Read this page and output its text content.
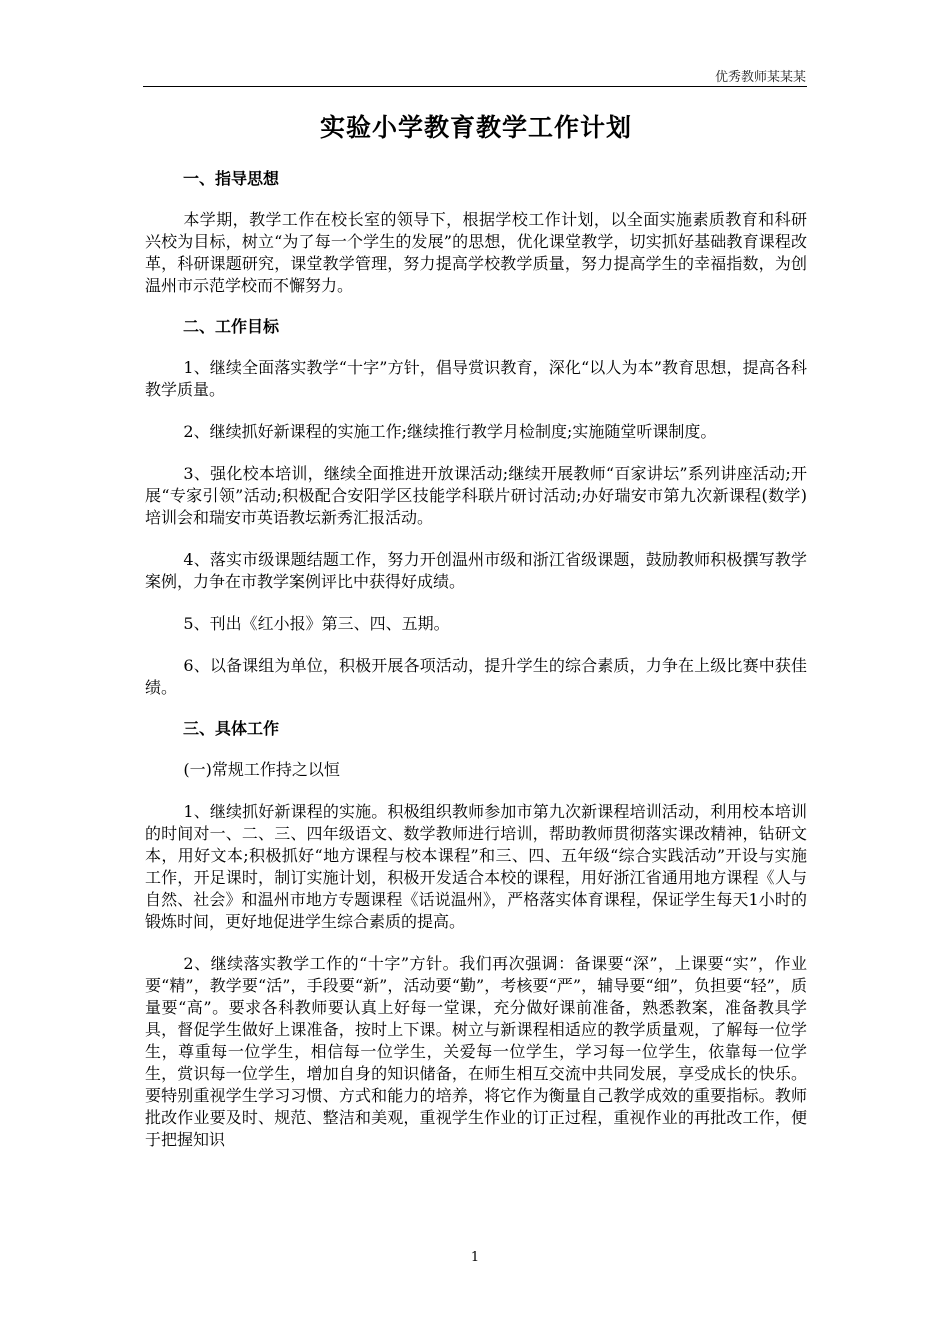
优秀教师某某某
实验小学教育教学工作计划
一、指导思想

本学期，教学工作在校长室的领导下，根据学校工作计划，以全面实施素质教育和科研兴校为目标，树立“为了每一个学生的发展”的思想，优化课堂教学，切实抓好基础教育课程改革，科研课题研究，课堂教学管理，努力提高学校教学质量，努力提高学生的幸福指数，为创温州市示范学校而不懈努力。

二、工作目标

1、继续全面落实教学“十字”方针，倡导赏识教育，深化“以人为本”教育思想，提高各科教学质量。

2、继续抓好新课程的实施工作;继续推行教学月检制度;实施随堂听课制度。

3、强化校本培训，继续全面推进开放课活动;继续开展教师“百家讲坛”系列讲座活动;开展“专家引领”活动;积极配合安阳学区技能学科联片研讨活动;办好瑞安市第九次新课程(数学)培训会和瑞安市英语教坛新秀汇报活动。

4、落实市级课题结题工作，努力开创温州市级和浙江省级课题，鼓励教师积极撰写教学案例，力争在市教学案例评比中获得好成绩。

5、刊出《红小报》第三、四、五期。

6、以备课组为单位，积极开展各项活动，提升学生的综合素质，力争在上级比赛中获佳绩。

三、具体工作

(一)常规工作持之以恒

1、继续抓好新课程的实施。积极组织教师参加市第九次新课程培训活动，利用校本培训的时间对一、二、三、四年级语文、数学教师进行培训，帮助教师贯彻落实课改精神，钻研文本，用好文本;积极抓好“地方课程与校本课程”和三、四、五年级“综合实践活动”开设与实施工作，开足课时，制订实施计划，积极开发适合本校的课程，用好浙江省通用地方课程《人与自然、社会》和温州市地方专题课程《话说温州》，严格落实体育课程，保证学生每天1小时的锻炼时间，更好地促进学生综合素质的提高。

2、继续落实教学工作的“十字”方针。我们再次强调：备课要“深”，上课要“实”，作业要“精”，教学要“活”，手段要“新”，活动要“勤”，考核要“严”，辅导要“细”，负担要“轻”，质量要“高”。要求各科教师要认真上好每一堂课，充分做好课前准备，熟悉教案，准备教具学具，督促学生做好上课准备，按时上下课。树立与新课程相适应的教学质量观，了解每一位学生，尊重每一位学生，相信每一位学生，关爱每一位学生，学习每一位学生，依靠每一位学生，赏识每一位学生，增加自身的知识储备，在师生相互交流中共同发展，享受成长的快乐。要特别重视学生学习习惯、方式和能力的培养，将它作为衡量自己教学成效的重要指标。教师批改作业要及时、规范、整洁和美观，重视学生作业的订正过程，重视作业的再批改工作，便于把握知识

1
